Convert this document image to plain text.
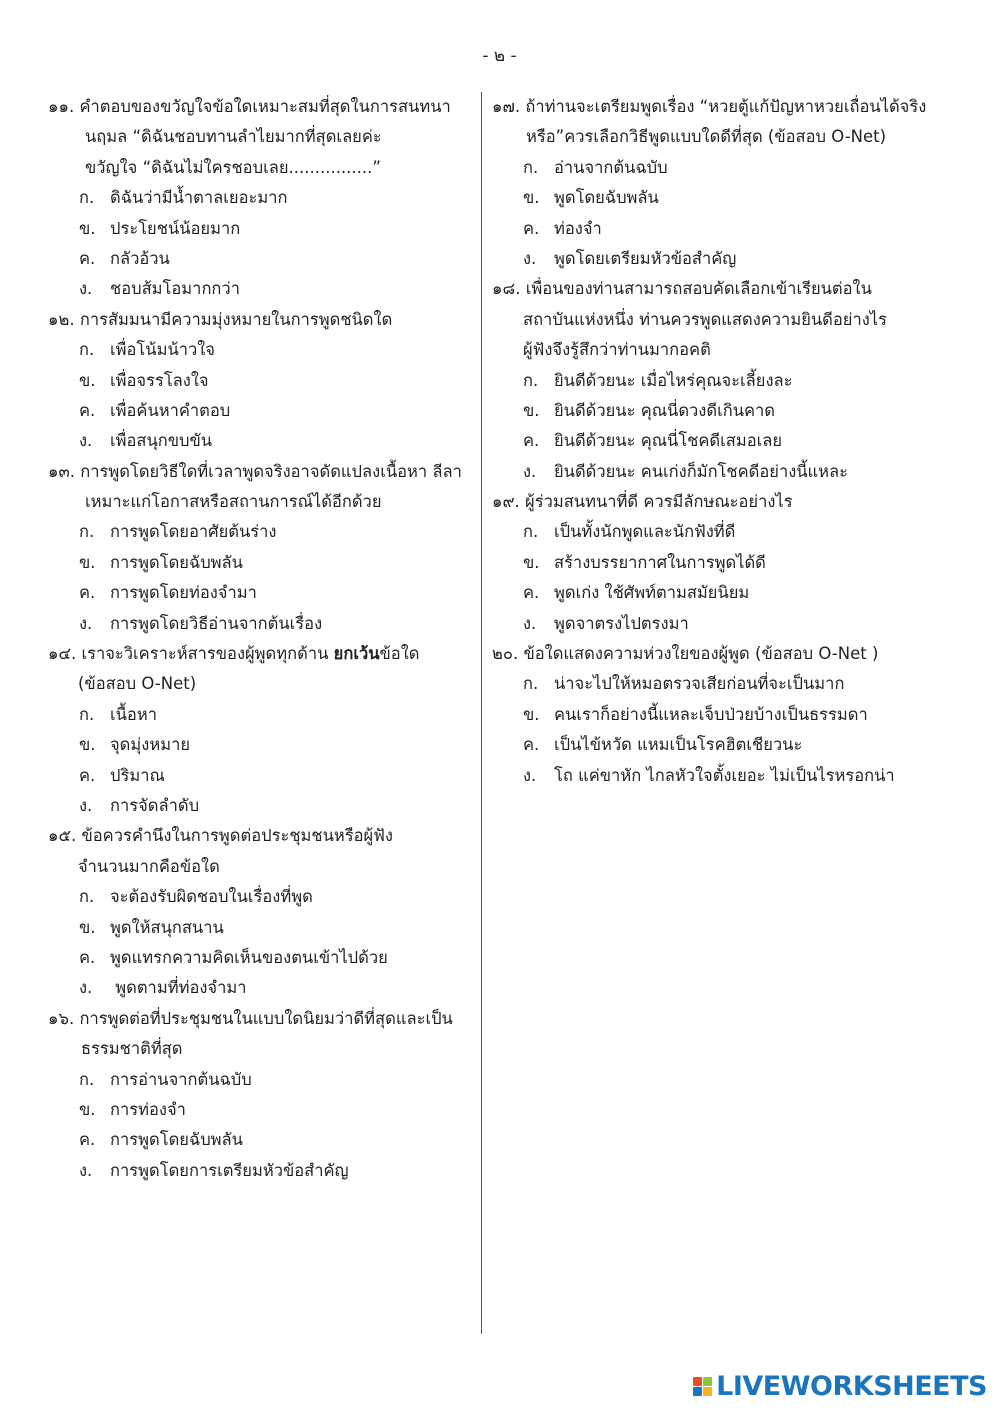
- ๒ -
๑๑. คำตอบของขวัญใจข้อใดเหมาะสมที่สุดในการสนทนา
นฤมล “ดิฉันชอบทานลำไยมากที่สุดเลยค่ะ
ขวัญใจ “ดิฉันไม่ใครชอบเลย................”
ก. ดิฉันว่ามีน้ำตาลเยอะมาก
ข. ประโยชน์น้อยมาก
ค. กลัวอ้วน
ง. ชอบส้มโอมากกว่า
๑๒. การสัมมนามีความมุ่งหมายในการพูดชนิดใด
ก. เพื่อโน้มน้าวใจ
ข. เพื่อจรรโลงใจ
ค. เพื่อค้นหาคำตอบ
ง. เพื่อสนุกขบขัน
๑๓. การพูดโดยวิธีใดที่เวลาพูดจริงอาจดัดแปลงเนื้อหา ลีลา
เหมาะแก่โอกาสหรือสถานการณ์ได้อีกด้วย
ก. การพูดโดยอาศัยต้นร่าง
ข. การพูดโดยฉับพลัน
ค. การพูดโดยท่องจำมา
ง. การพูดโดยวิธีอ่านจากต้นเรื่อง
๑๔. เราจะวิเคราะห์สารของผู้พูดทุกด้าน ยกเว้นข้อใด
(ข้อสอบ O-Net)
ก. เนื้อหา
ข. จุดมุ่งหมาย
ค. ปริมาณ
ง. การจัดลำดับ
๑๕. ข้อควรคำนึงในการพูดต่อประชุมชนหรือผู้ฟัง
จำนวนมากคือข้อใด
ก. จะต้องรับผิดชอบในเรื่องที่พูด
ข. พูดให้สนุกสนาน
ค. พูดแทรกความคิดเห็นของตนเข้าไปด้วย
ง. พูดตามที่ท่องจำมา
๑๖. การพูดต่อที่ประชุมชนในแบบใดนิยมว่าดีที่สุดและเป็น
ธรรมชาติที่สุด
ก. การอ่านจากต้นฉบับ
ข. การท่องจำ
ค. การพูดโดยฉับพลัน
ง. การพูดโดยการเตรียมหัวข้อสำคัญ
๑๗. ถ้าท่านจะเตรียมพูดเรื่อง “หวยตู้แก้ปัญหาหวยเถื่อนได้จริง
หรือ”ควรเลือกวิธีพูดแบบใดดีที่สุด (ข้อสอบ O-Net)
ก. อ่านจากต้นฉบับ
ข. พูดโดยฉับพลัน
ค. ท่องจำ
ง. พูดโดยเตรียมหัวข้อสำคัญ
๑๘. เพื่อนของท่านสามารถสอบคัดเลือกเข้าเรียนต่อใน
สถาบันแห่งหนึ่ง ท่านควรพูดแสดงความยินดีอย่างไร
ผู้ฟังจึงรู้สึกว่าท่านมากอคติ
ก. ยินดีด้วยนะ เมื่อไหร่คุณจะเลี้ยงละ
ข. ยินดีด้วยนะ คุณนี่ดวงดีเกินคาด
ค. ยินดีด้วยนะ คุณนี่โชคดีเสมอเลย
ง. ยินดีด้วยนะ คนเก่งก็มักโชคดีอย่างนี้แหละ
๑๙. ผู้ร่วมสนทนาที่ดี ควรมีลักษณะอย่างไร
ก. เป็นทั้งนักพูดและนักฟังที่ดี
ข. สร้างบรรยากาศในการพูดได้ดี
ค. พูดเก่ง ใช้ศัพท์ตามสมัยนิยม
ง. พูดจาตรงไปตรงมา
๒๐. ข้อใดแสดงความห่วงใยของผู้พูด (ข้อสอบ O-Net )
ก. น่าจะไปให้หมอตรวจเสียก่อนที่จะเป็นมาก
ข. คนเราก็อย่างนี้แหละเจ็บป่วยบ้างเป็นธรรมดา
ค. เป็นไข้หวัด แหมเป็นโรคฮิตเชียวนะ
ง. โถ แค่ขาหัก ไกลหัวใจตั้งเยอะ ไม่เป็นไรหรอกน่า
LIVEWORKSHEETS
